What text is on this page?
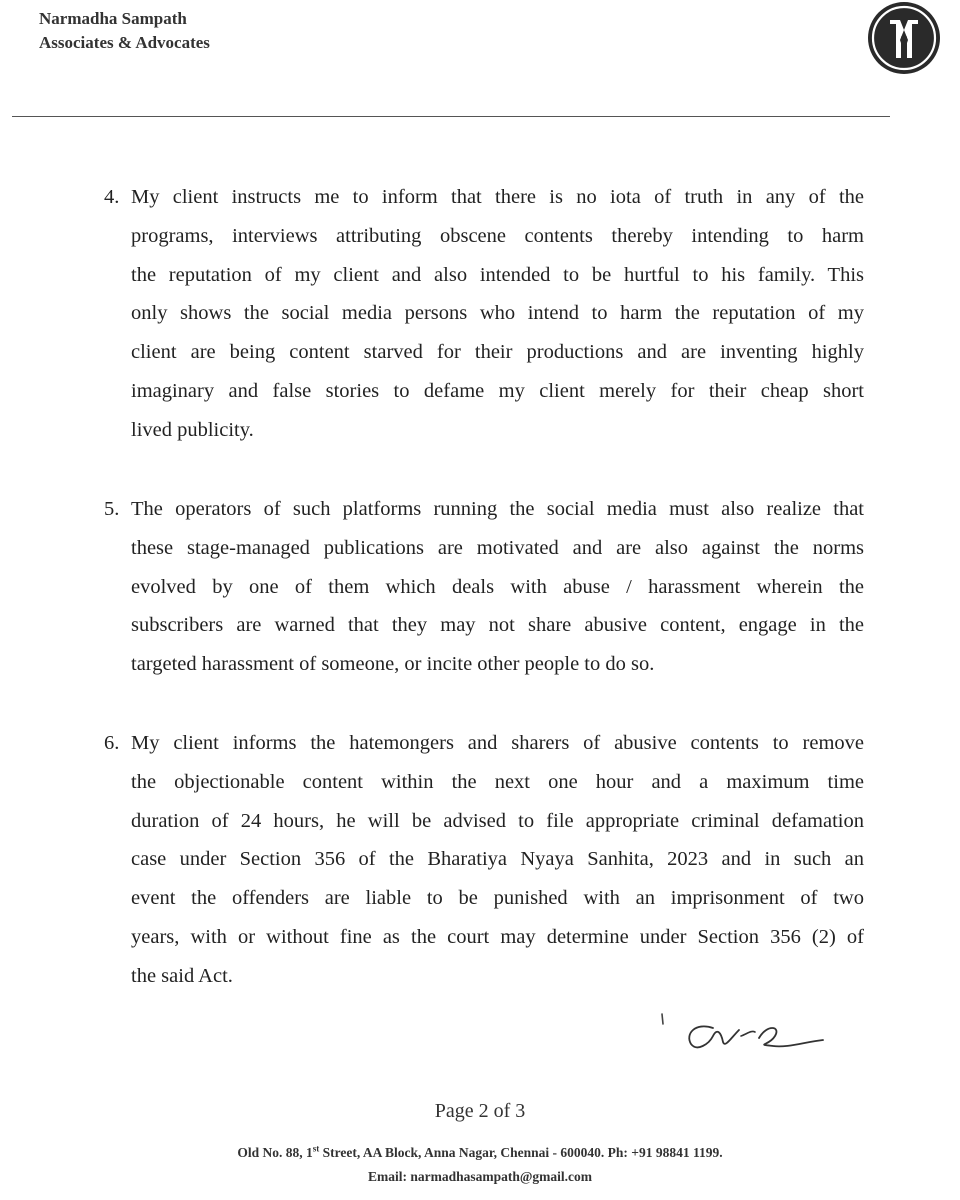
Narmadha Sampath
Associates & Advocates
4. My client instructs me to inform that there is no iota of truth in any of the
programs, interviews attributing obscene contents thereby intending to harm
the reputation of my client and also intended to be hurtful to his family. This
only shows the social media persons who intend to harm the reputation of my
client are being content starved for their productions and are inventing highly
imaginary and false stories to defame my client merely for their cheap short
lived publicity.
5. The operators of such platforms running the social media must also realize that
these stage-managed publications are motivated and are also against the norms
evolved by one of them which deals with abuse / harassment wherein the
subscribers are warned that they may not share abusive content, engage in the
targeted harassment of someone, or incite other people to do so.
6. My client informs the hatemongers and sharers of abusive contents to remove
the objectionable content within the next one hour and a maximum time
duration of 24 hours, he will be advised to file appropriate criminal defamation
case under Section 356 of the Bharatiya Nyaya Sanhita, 2023 and in such an
event the offenders are liable to be punished with an imprisonment of two
years, with or without fine as the court may determine under Section 356 (2) of
the said Act.
Page 2 of 3
Old No. 88, 1st Street, AA Block, Anna Nagar, Chennai - 600040. Ph: +91 98841 1199.
Email: narmadhasampath@gmail.com
